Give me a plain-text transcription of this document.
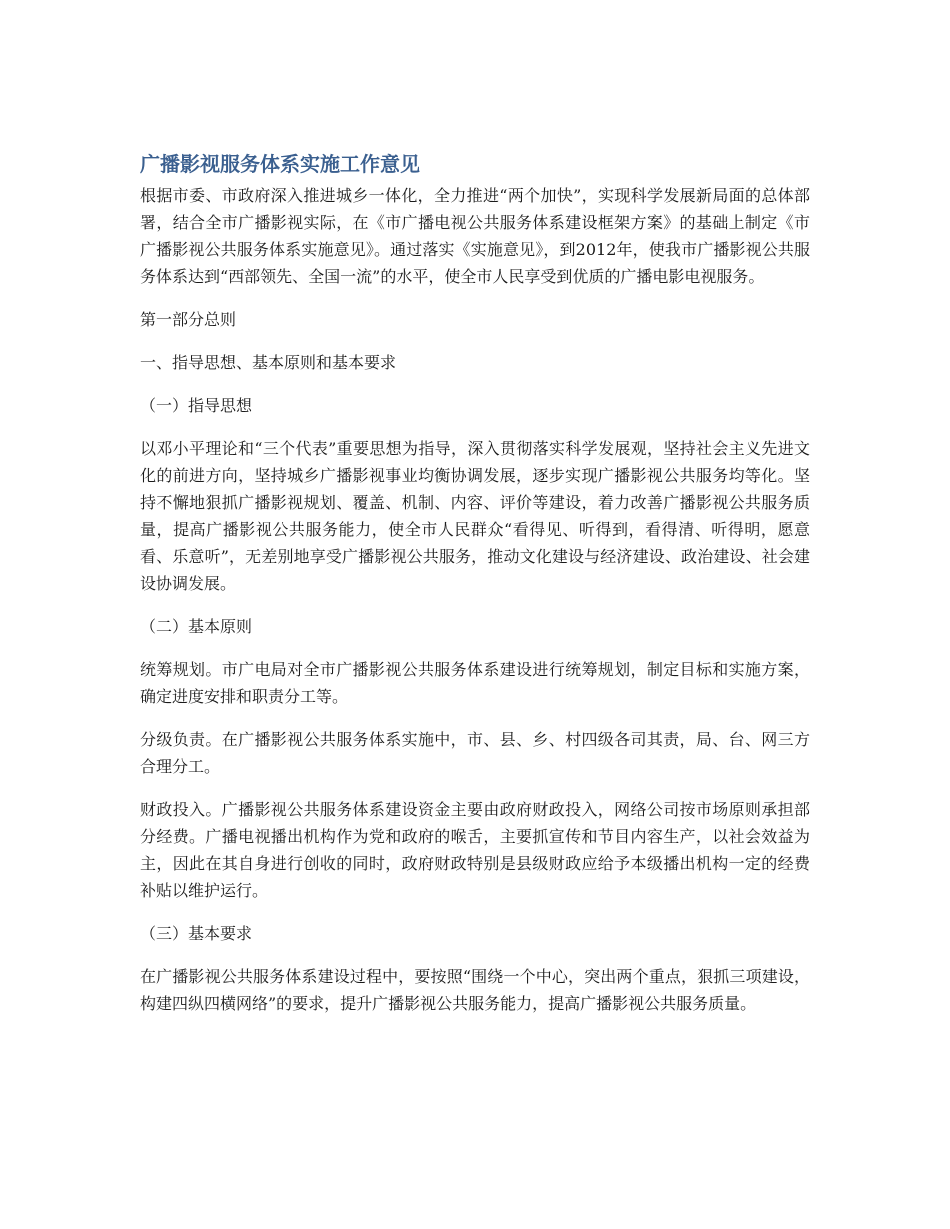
广播影视服务体系实施工作意见

根据市委、市政府深入推进城乡一体化，全力推进“两个加快”，实现科学发展新局面的总体部署，结合全市广播影视实际，在《市广播电视公共服务体系建设框架方案》的基础上制定《市广播影视公共服务体系实施意见》。通过落实《实施意见》，到2012年，使我市广播影视公共服务体系达到“西部领先、全国一流”的水平，使全市人民享受到优质的广播电影电视服务。

第一部分总则

一、指导思想、基本原则和基本要求

（一）指导思想

以邓小平理论和“三个代表”重要思想为指导，深入贯彻落实科学发展观，坚持社会主义先进文化的前进方向，坚持城乡广播影视事业均衡协调发展，逐步实现广播影视公共服务均等化。坚持不懈地狠抓广播影视规划、覆盖、机制、内容、评价等建设，着力改善广播影视公共服务质量，提高广播影视公共服务能力，使全市人民群众“看得见、听得到，看得清、听得明，愿意看、乐意听”，无差别地享受广播影视公共服务，推动文化建设与经济建设、政治建设、社会建设协调发展。

（二）基本原则

统筹规划。市广电局对全市广播影视公共服务体系建设进行统筹规划，制定目标和实施方案，确定进度安排和职责分工等。

分级负责。在广播影视公共服务体系实施中，市、县、乡、村四级各司其责，局、台、网三方合理分工。

财政投入。广播影视公共服务体系建设资金主要由政府财政投入，网络公司按市场原则承担部分经费。广播电视播出机构作为党和政府的喉舌，主要抓宣传和节目内容生产，以社会效益为主，因此在其自身进行创收的同时，政府财政特别是县级财政应给予本级播出机构一定的经费补贴以维护运行。

（三）基本要求

在广播影视公共服务体系建设过程中，要按照“围绕一个中心，突出两个重点，狠抓三项建设，构建四纵四横网络”的要求，提升广播影视公共服务能力，提高广播影视公共服务质量。
